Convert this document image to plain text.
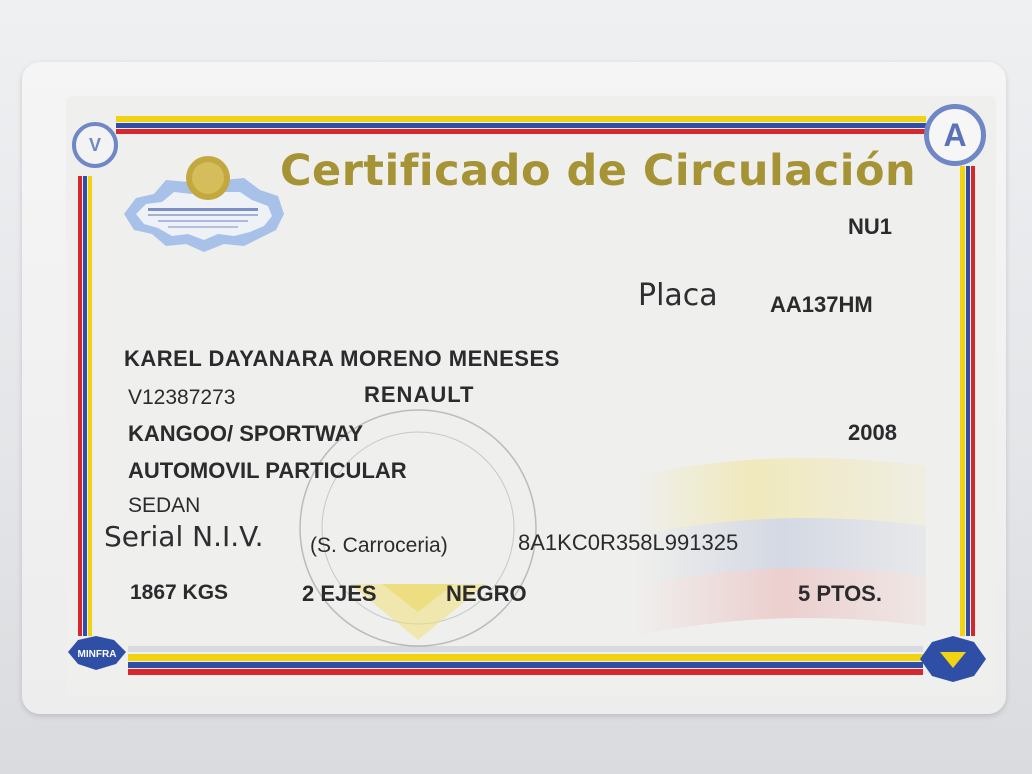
V	A
Certificado de Circulación
NU1
Placa AA137HM
KAREL DAYANARA MORENO MENESES
V12387273	RENAULT
KANGOO/ SPORTWAY	2008
AUTOMOVIL PARTICULAR
SEDAN
Serial N.I.V. (S. Carroceria)	8A1KC0R358L991325
1867 KGS	2 EJES	NEGRO	5 PTOS.
MINFRA
